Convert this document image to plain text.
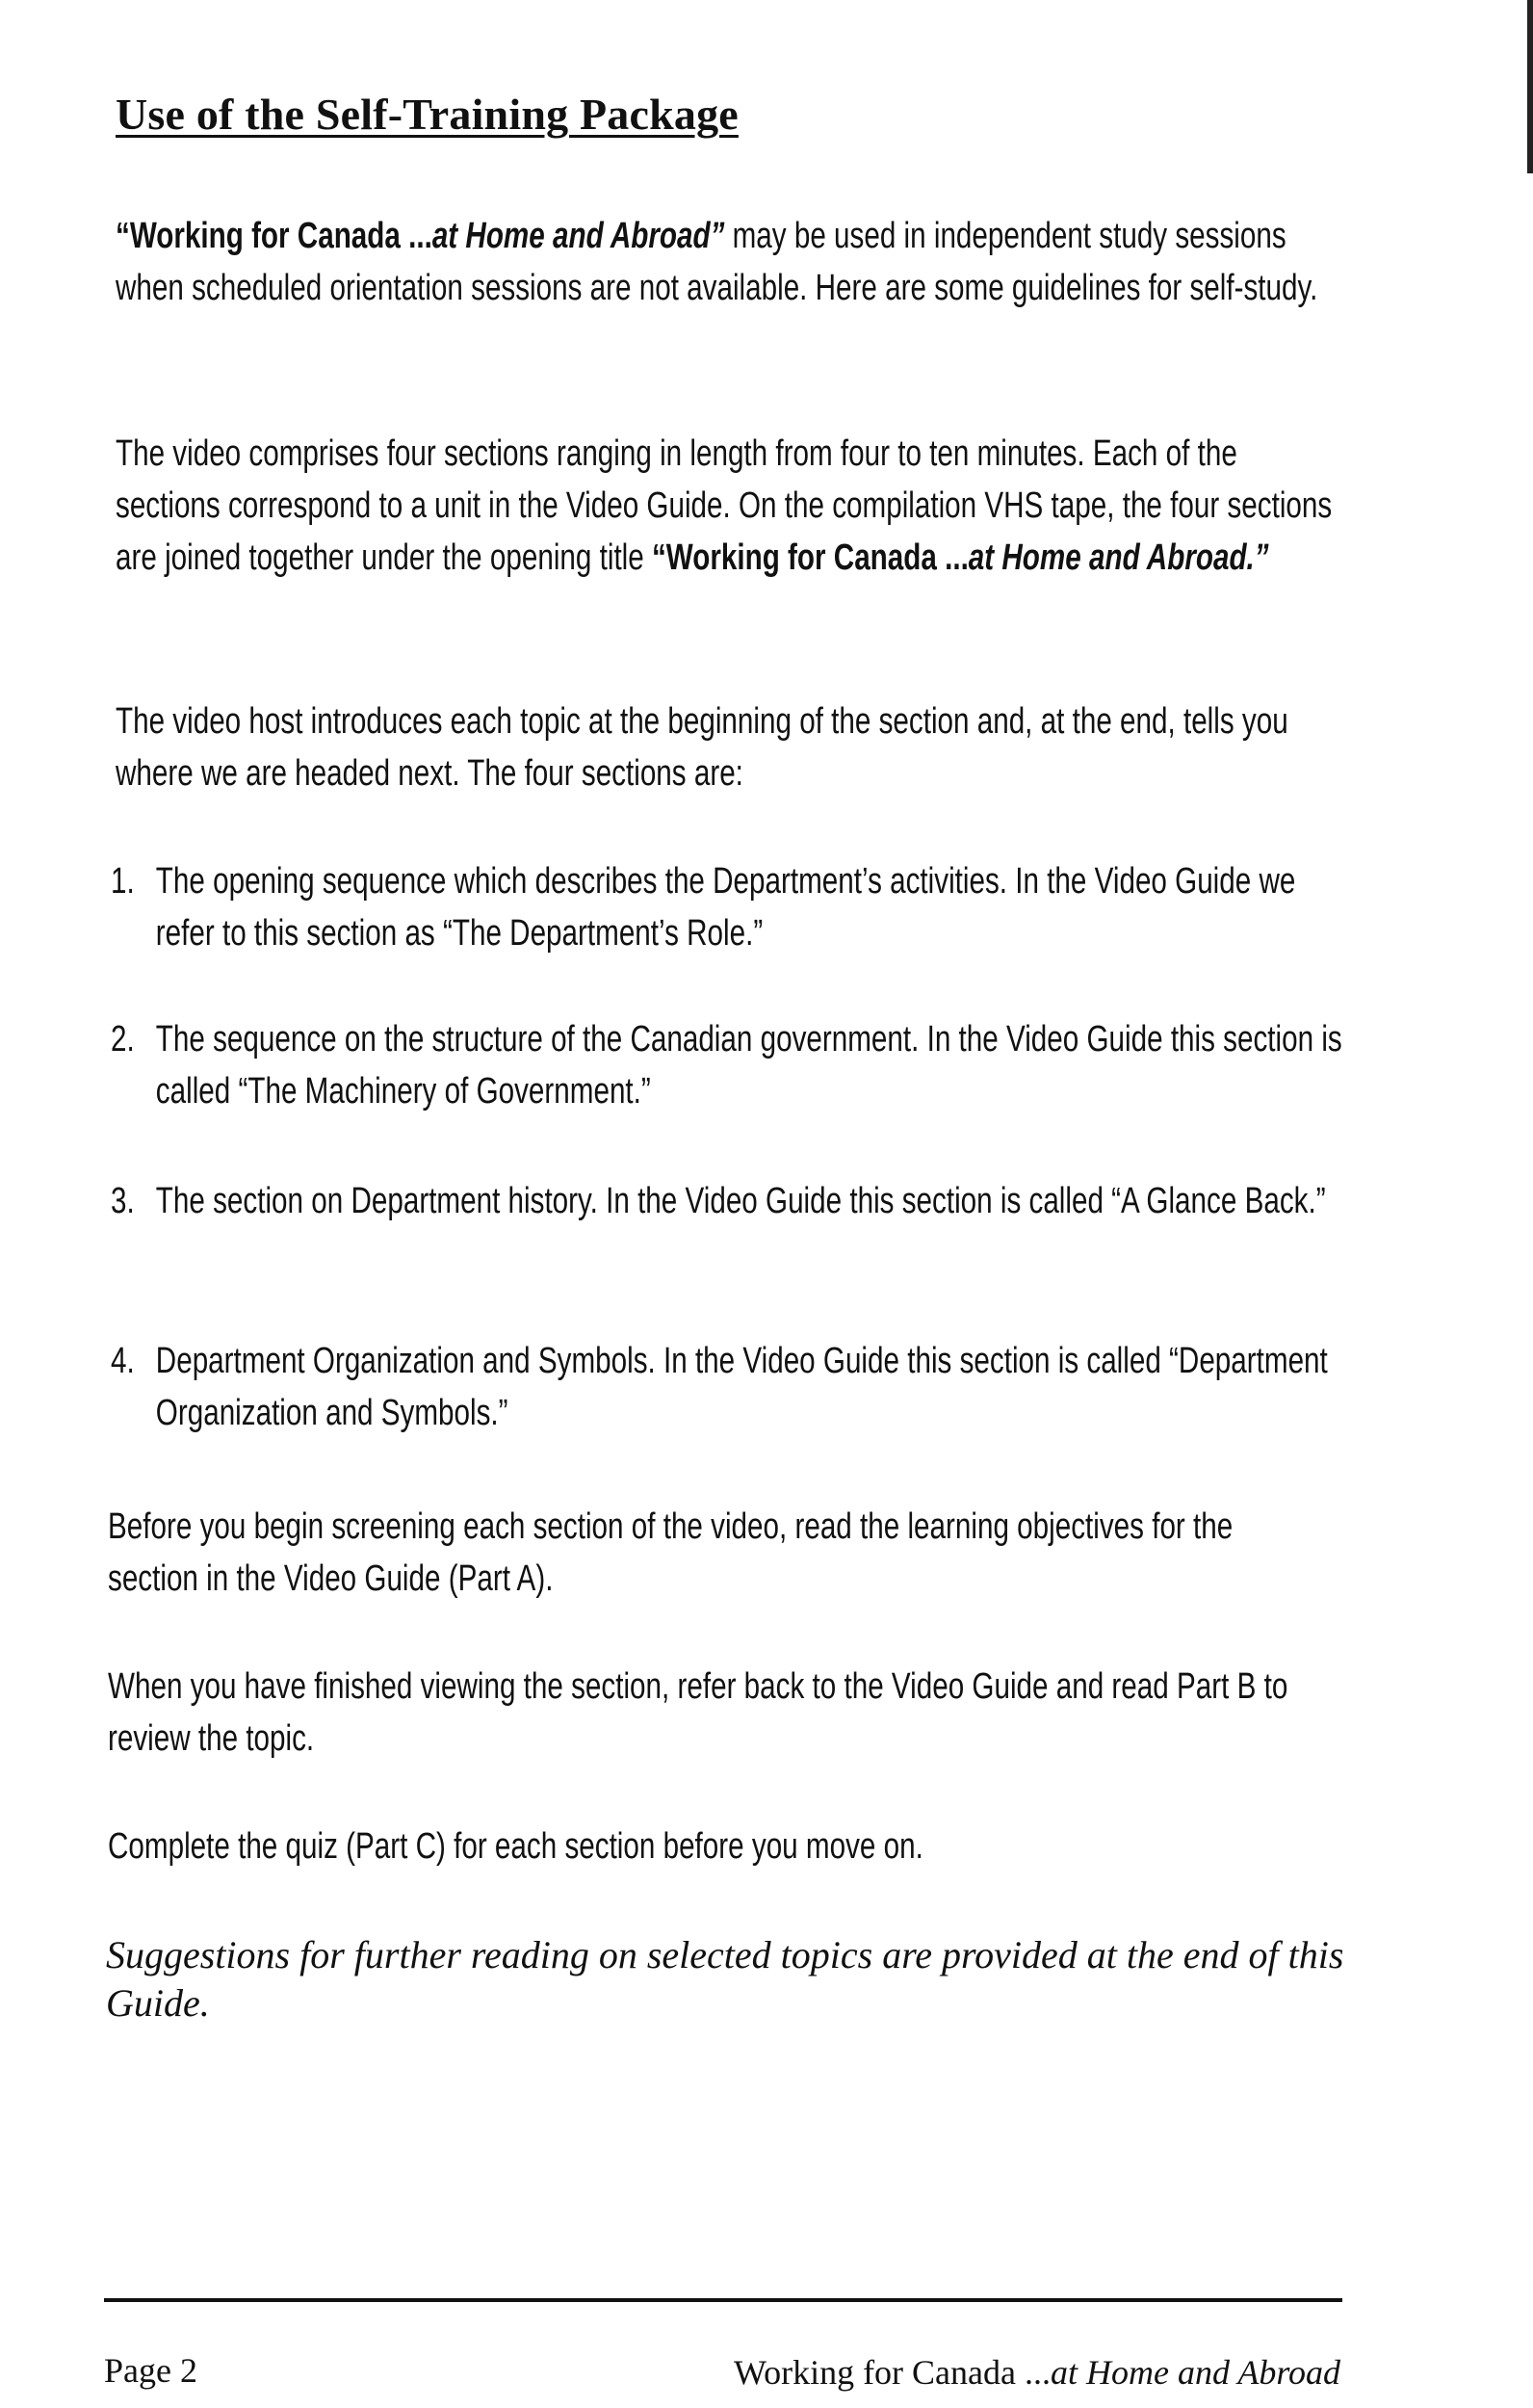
Use of the Self-Training Package
“Working for Canada ...at Home and Abroad” may be used in independent study sessions when scheduled orientation sessions are not available. Here are some guidelines for self-study.
The video comprises four sections ranging in length from four to ten minutes. Each of the sections correspond to a unit in the Video Guide. On the compilation VHS tape, the four sections are joined together under the opening title “Working for Canada ...at Home and Abroad.”
The video host introduces each topic at the beginning of the section and, at the end, tells you where we are headed next. The four sections are:
1. The opening sequence which describes the Department’s activities. In the Video Guide we refer to this section as “The Department’s Role.”
2. The sequence on the structure of the Canadian government. In the Video Guide this section is called “The Machinery of Government.”
3. The section on Department history. In the Video Guide this section is called “A Glance Back.”
4. Department Organization and Symbols. In the Video Guide this section is called “Department Organization and Symbols.”
Before you begin screening each section of the video, read the learning objectives for the section in the Video Guide (Part A).
When you have finished viewing the section, refer back to the Video Guide and read Part B to review the topic.
Complete the quiz (Part C) for each section before you move on.
Suggestions for further reading on selected topics are provided at the end of this Guide.
Page 2	Working for Canada ...at Home and Abroad
